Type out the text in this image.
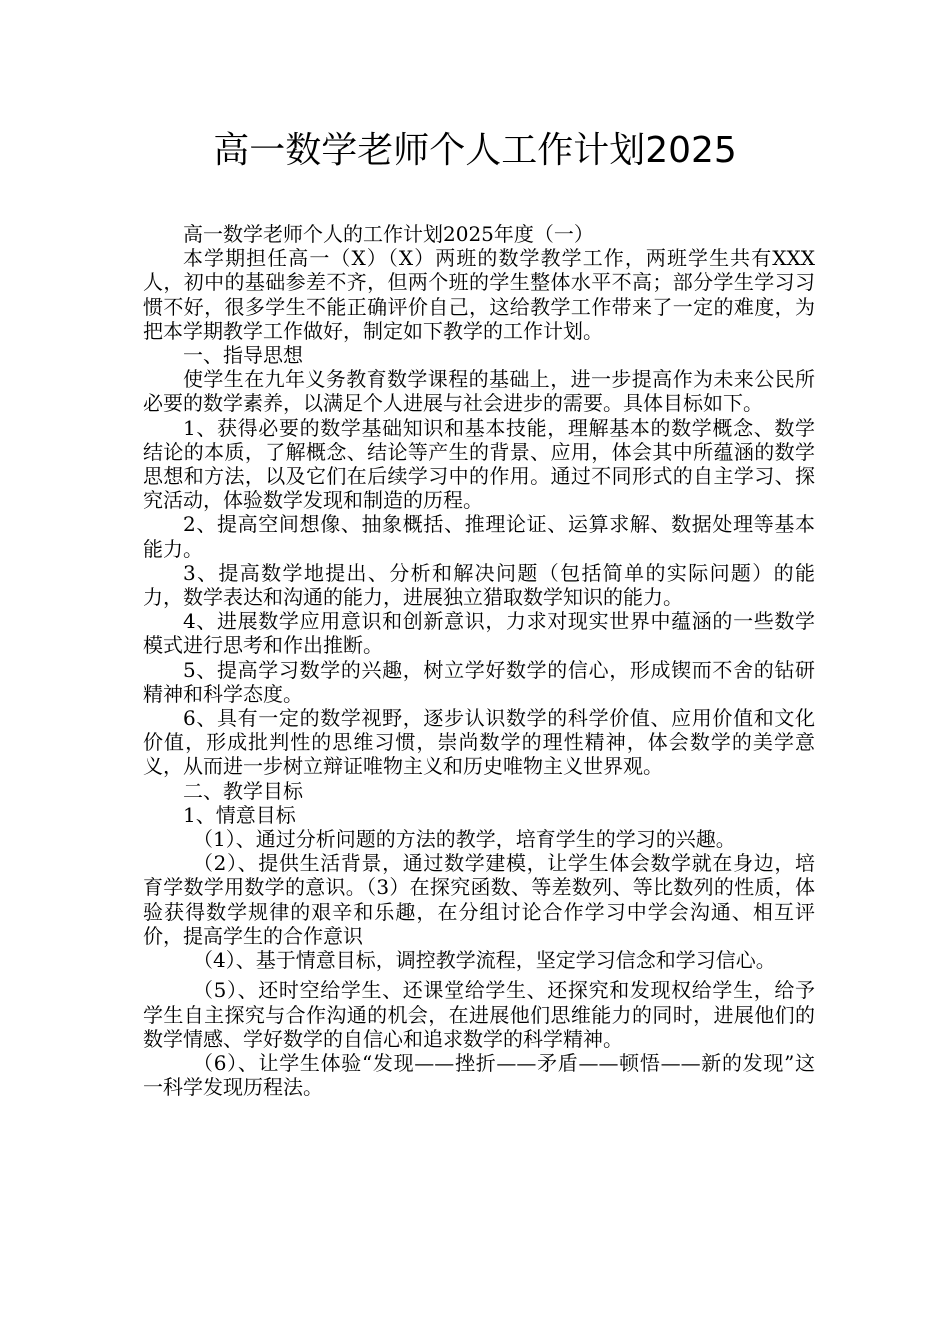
高一数学老师个人工作计划2025

高一数学老师个人的工作计划2025年度（一）

本学期担任高一（X）（X）两班的数学教学工作，两班学生共有XXX人，初中的基础参差不齐，但两个班的学生整体水平不高；部分学生学习习惯不好，很多学生不能正确评价自己，这给教学工作带来了一定的难度，为把本学期教学工作做好，制定如下教学的工作计划。

一、指导思想

使学生在九年义务教育数学课程的基础上，进一步提高作为未来公民所必要的数学素养，以满足个人进展与社会进步的需要。具体目标如下。

1、获得必要的数学基础知识和基本技能，理解基本的数学概念、数学结论的本质，了解概念、结论等产生的背景、应用，体会其中所蕴涵的数学思想和方法，以及它们在后续学习中的作用。通过不同形式的自主学习、探究活动，体验数学发现和制造的历程。

2、提高空间想像、抽象概括、推理论证、运算求解、数据处理等基本能力。

3、提高数学地提出、分析和解决问题（包括简单的实际问题）的能力，数学表达和沟通的能力，进展独立猎取数学知识的能力。

4、进展数学应用意识和创新意识，力求对现实世界中蕴涵的一些数学模式进行思考和作出推断。

5、提高学习数学的兴趣，树立学好数学的信心，形成锲而不舍的钻研精神和科学态度。

6、具有一定的数学视野，逐步认识数学的科学价值、应用价值和文化价值，形成批判性的思维习惯，崇尚数学的理性精神，体会数学的美学意义，从而进一步树立辩证唯物主义和历史唯物主义世界观。

二、教学目标

1、情意目标

（1）、通过分析问题的方法的教学，培育学生的学习的兴趣。

（2）、提供生活背景，通过数学建模，让学生体会数学就在身边，培育学数学用数学的意识。（3）在探究函数、等差数列、等比数列的性质，体验获得数学规律的艰辛和乐趣，在分组讨论合作学习中学会沟通、相互评价，提高学生的合作意识

（4）、基于情意目标，调控教学流程，坚定学习信念和学习信心。

（5）、还时空给学生、还课堂给学生、还探究和发现权给学生，给予学生自主探究与合作沟通的机会，在进展他们思维能力的同时，进展他们的数学情感、学好数学的自信心和追求数学的科学精神。

（6）、让学生体验“发现——挫折——矛盾——顿悟——新的发现”这一科学发现历程法。
